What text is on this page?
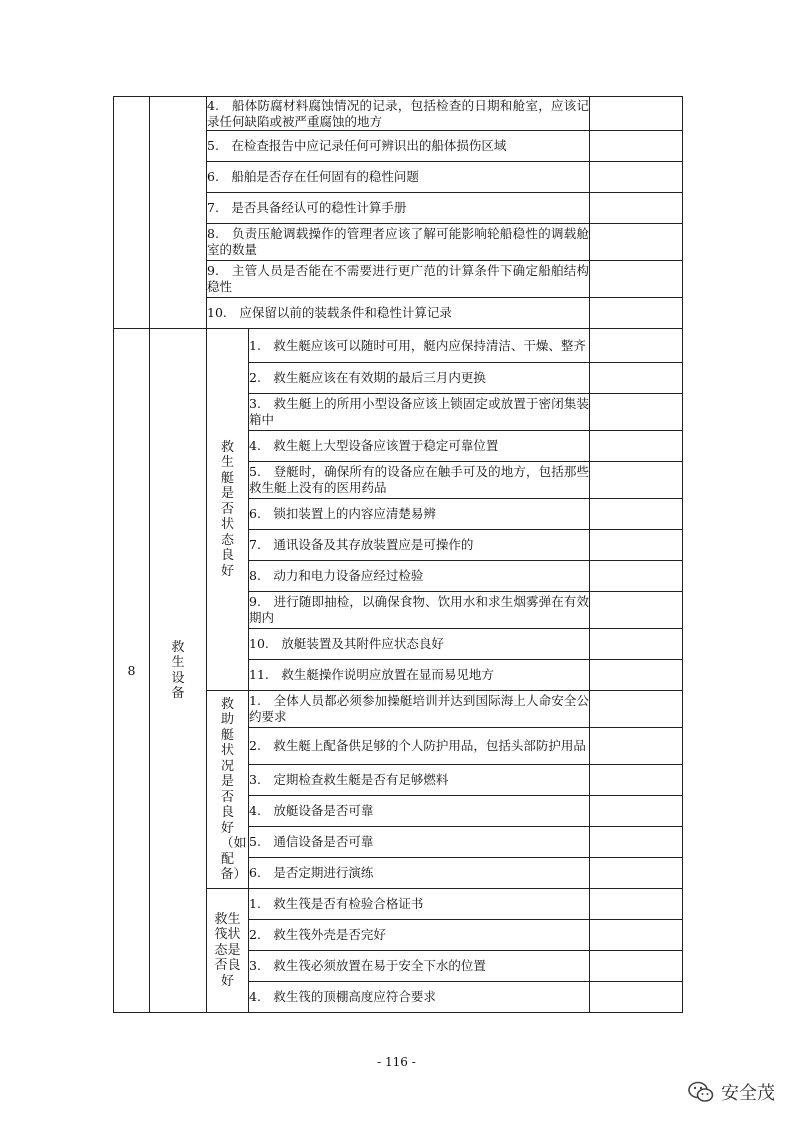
		4.　船体防腐材料腐蚀情况的记录，包括检查的日期和舱室，应该记录任何缺陷或被严重腐蚀的地方		
		5.　在检查报告中应记录任何可辨识出的船体损伤区域		
		6.　船舶是否存在任何固有的稳性问题		
		7.　是否具备经认可的稳性计算手册		
		8.　负责压舱调载操作的管理者应该了解可能影响轮船稳性的调载舱室的数量		
		9.　主管人员是否能在不需要进行更广范的计算条件下确定船舶结构稳性		
		10.　应保留以前的装载条件和稳性计算记录		
8	救生设备	救生艇是否状态良好	1.　救生艇应该可以随时可用，艇内应保持清洁、干燥、整齐	
			2.　救生艇应该在有效期的最后三月内更换	
			3.　救生艇上的所用小型设备应该上锁固定或放置于密闭集装箱中	
			4.　救生艇上大型设备应该置于稳定可靠位置	
			5.　登艇时，确保所有的设备应在触手可及的地方，包括那些救生艇上没有的医用药品	
			6.　锁扣装置上的内容应清楚易辨	
			7.　通讯设备及其存放装置应是可操作的	
			8.　动力和电力设备应经过检验	
			9.　进行随即抽检，以确保食物、饮用水和求生烟雾弹在有效期内	
			10.　放艇装置及其附件应状态良好	
			11.　救生艇操作说明应放置在显而易见地方	
		救助艇状况是否良好（如配备）	1.　全体人员都必须参加操艇培训并达到国际海上人命安全公约要求	
			2.　救生艇上配备供足够的个人防护用品，包括头部防护用品	
			3.　定期检查救生艇是否有足够燃料	
			4.　放艇设备是否可靠	
			5.　通信设备是否可靠	
			6.　是否定期进行演练	
		救生筏状态是否良好	1.　救生筏是否有检验合格证书	
			2.　救生筏外壳是否完好	
			3.　救生筏必须放置在易于安全下水的位置	
			4.　救生筏的顶棚高度应符合要求	
- 116 -
安全茂
